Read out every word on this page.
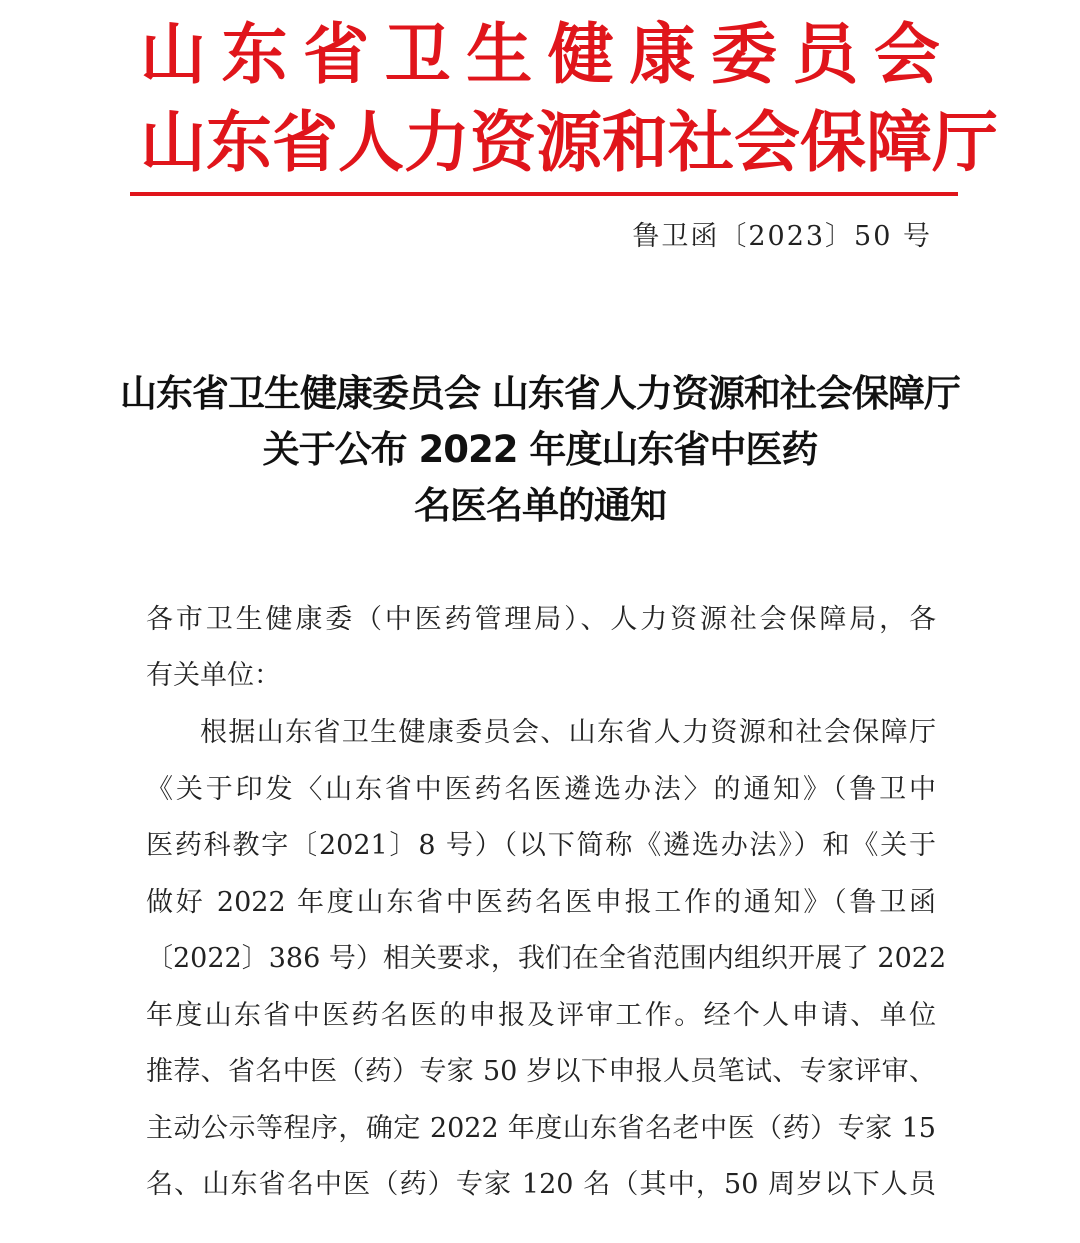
山 东 省 卫 生 健 康 委 员 会
山 东 省 人 力 资 源 和 社 会 保 障 厅
鲁卫函〔2023〕50 号
山东省卫生健康委员会 山东省人力资源和社会保障厅
关于公布 2022 年度山东省中医药
名医名单的通知
各市卫生健康委（中医药管理局）、人力资源社会保障局，各
有关单位：
根据山东省卫生健康委员会、山东省人力资源和社会保障厅
《关于印发〈山东省中医药名医遴选办法〉的通知》（鲁卫中
医药科教字〔2021〕8 号）（以下简称《遴选办法》）和《关于
做好 2022 年度山东省中医药名医申报工作的通知》（鲁卫函
〔2022〕386 号）相关要求，我们在全省范围内组织开展了 2022
年度山东省中医药名医的申报及评审工作。经个人申请、单位
推荐、省名中医（药）专家 50 岁以下申报人员笔试、专家评审、
主动公示等程序，确定 2022 年度山东省名老中医（药）专家 15
名、山东省名中医（药）专家 120 名（其中，50 周岁以下人员
